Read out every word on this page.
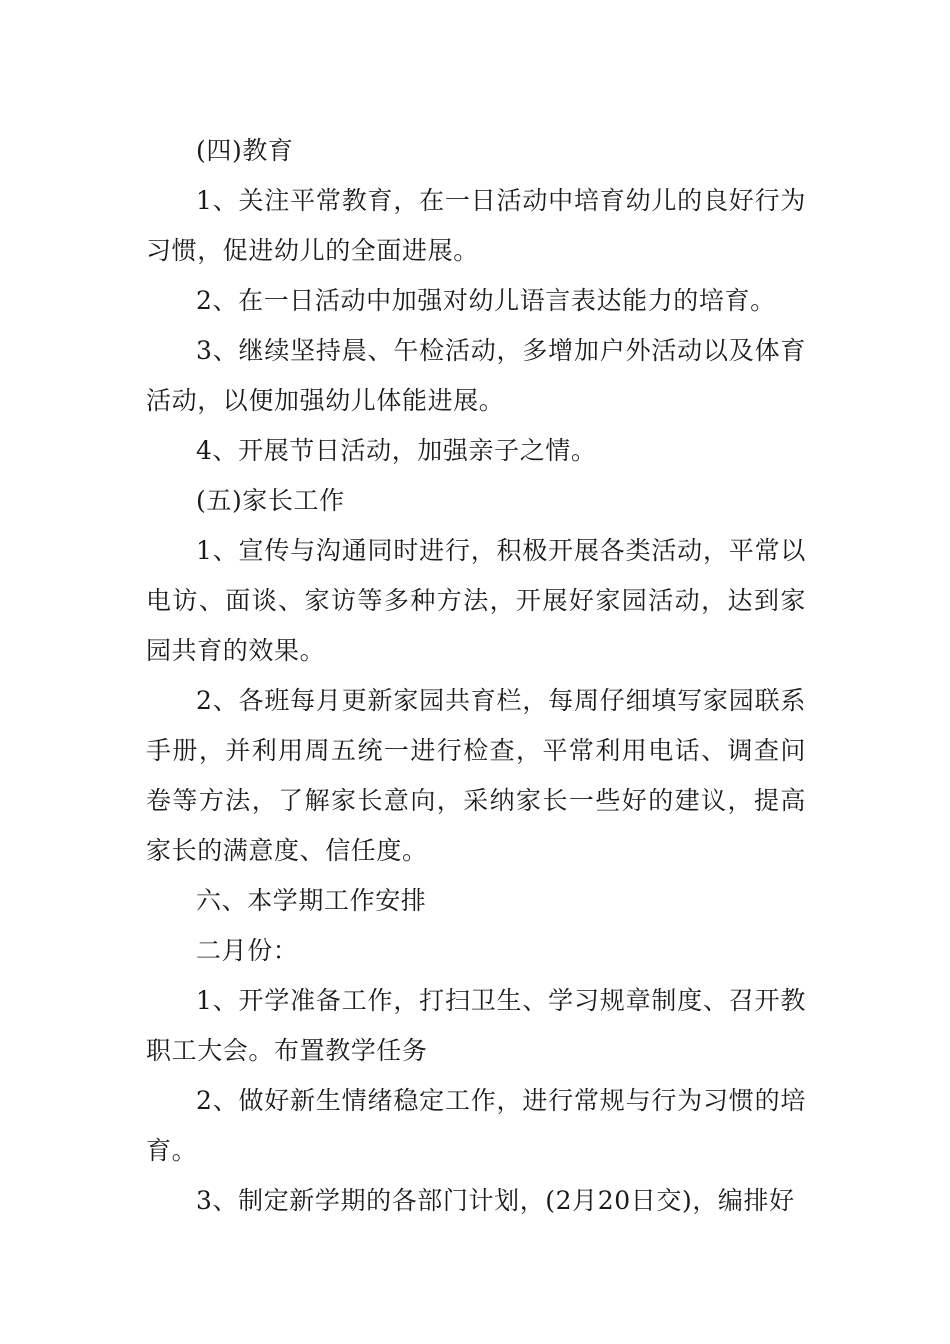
(四)教育

1、关注平常教育，在一日活动中培育幼儿的良好行为习惯，促进幼儿的全面进展。

2、在一日活动中加强对幼儿语言表达能力的培育。

3、继续坚持晨、午检活动，多增加户外活动以及体育活动，以便加强幼儿体能进展。

4、开展节日活动，加强亲子之情。

(五)家长工作

1、宣传与沟通同时进行，积极开展各类活动，平常以电访、面谈、家访等多种方法，开展好家园活动，达到家园共育的效果。

2、各班每月更新家园共育栏，每周仔细填写家园联系手册，并利用周五统一进行检查，平常利用电话、调查问卷等方法，了解家长意向，采纳家长一些好的建议，提高家长的满意度、信任度。

六、本学期工作安排

二月份：

1、开学准备工作，打扫卫生、学习规章制度、召开教职工大会。布置教学任务

2、做好新生情绪稳定工作，进行常规与行为习惯的培育。

3、制定新学期的各部门计划，(2月20日交)，编排好
